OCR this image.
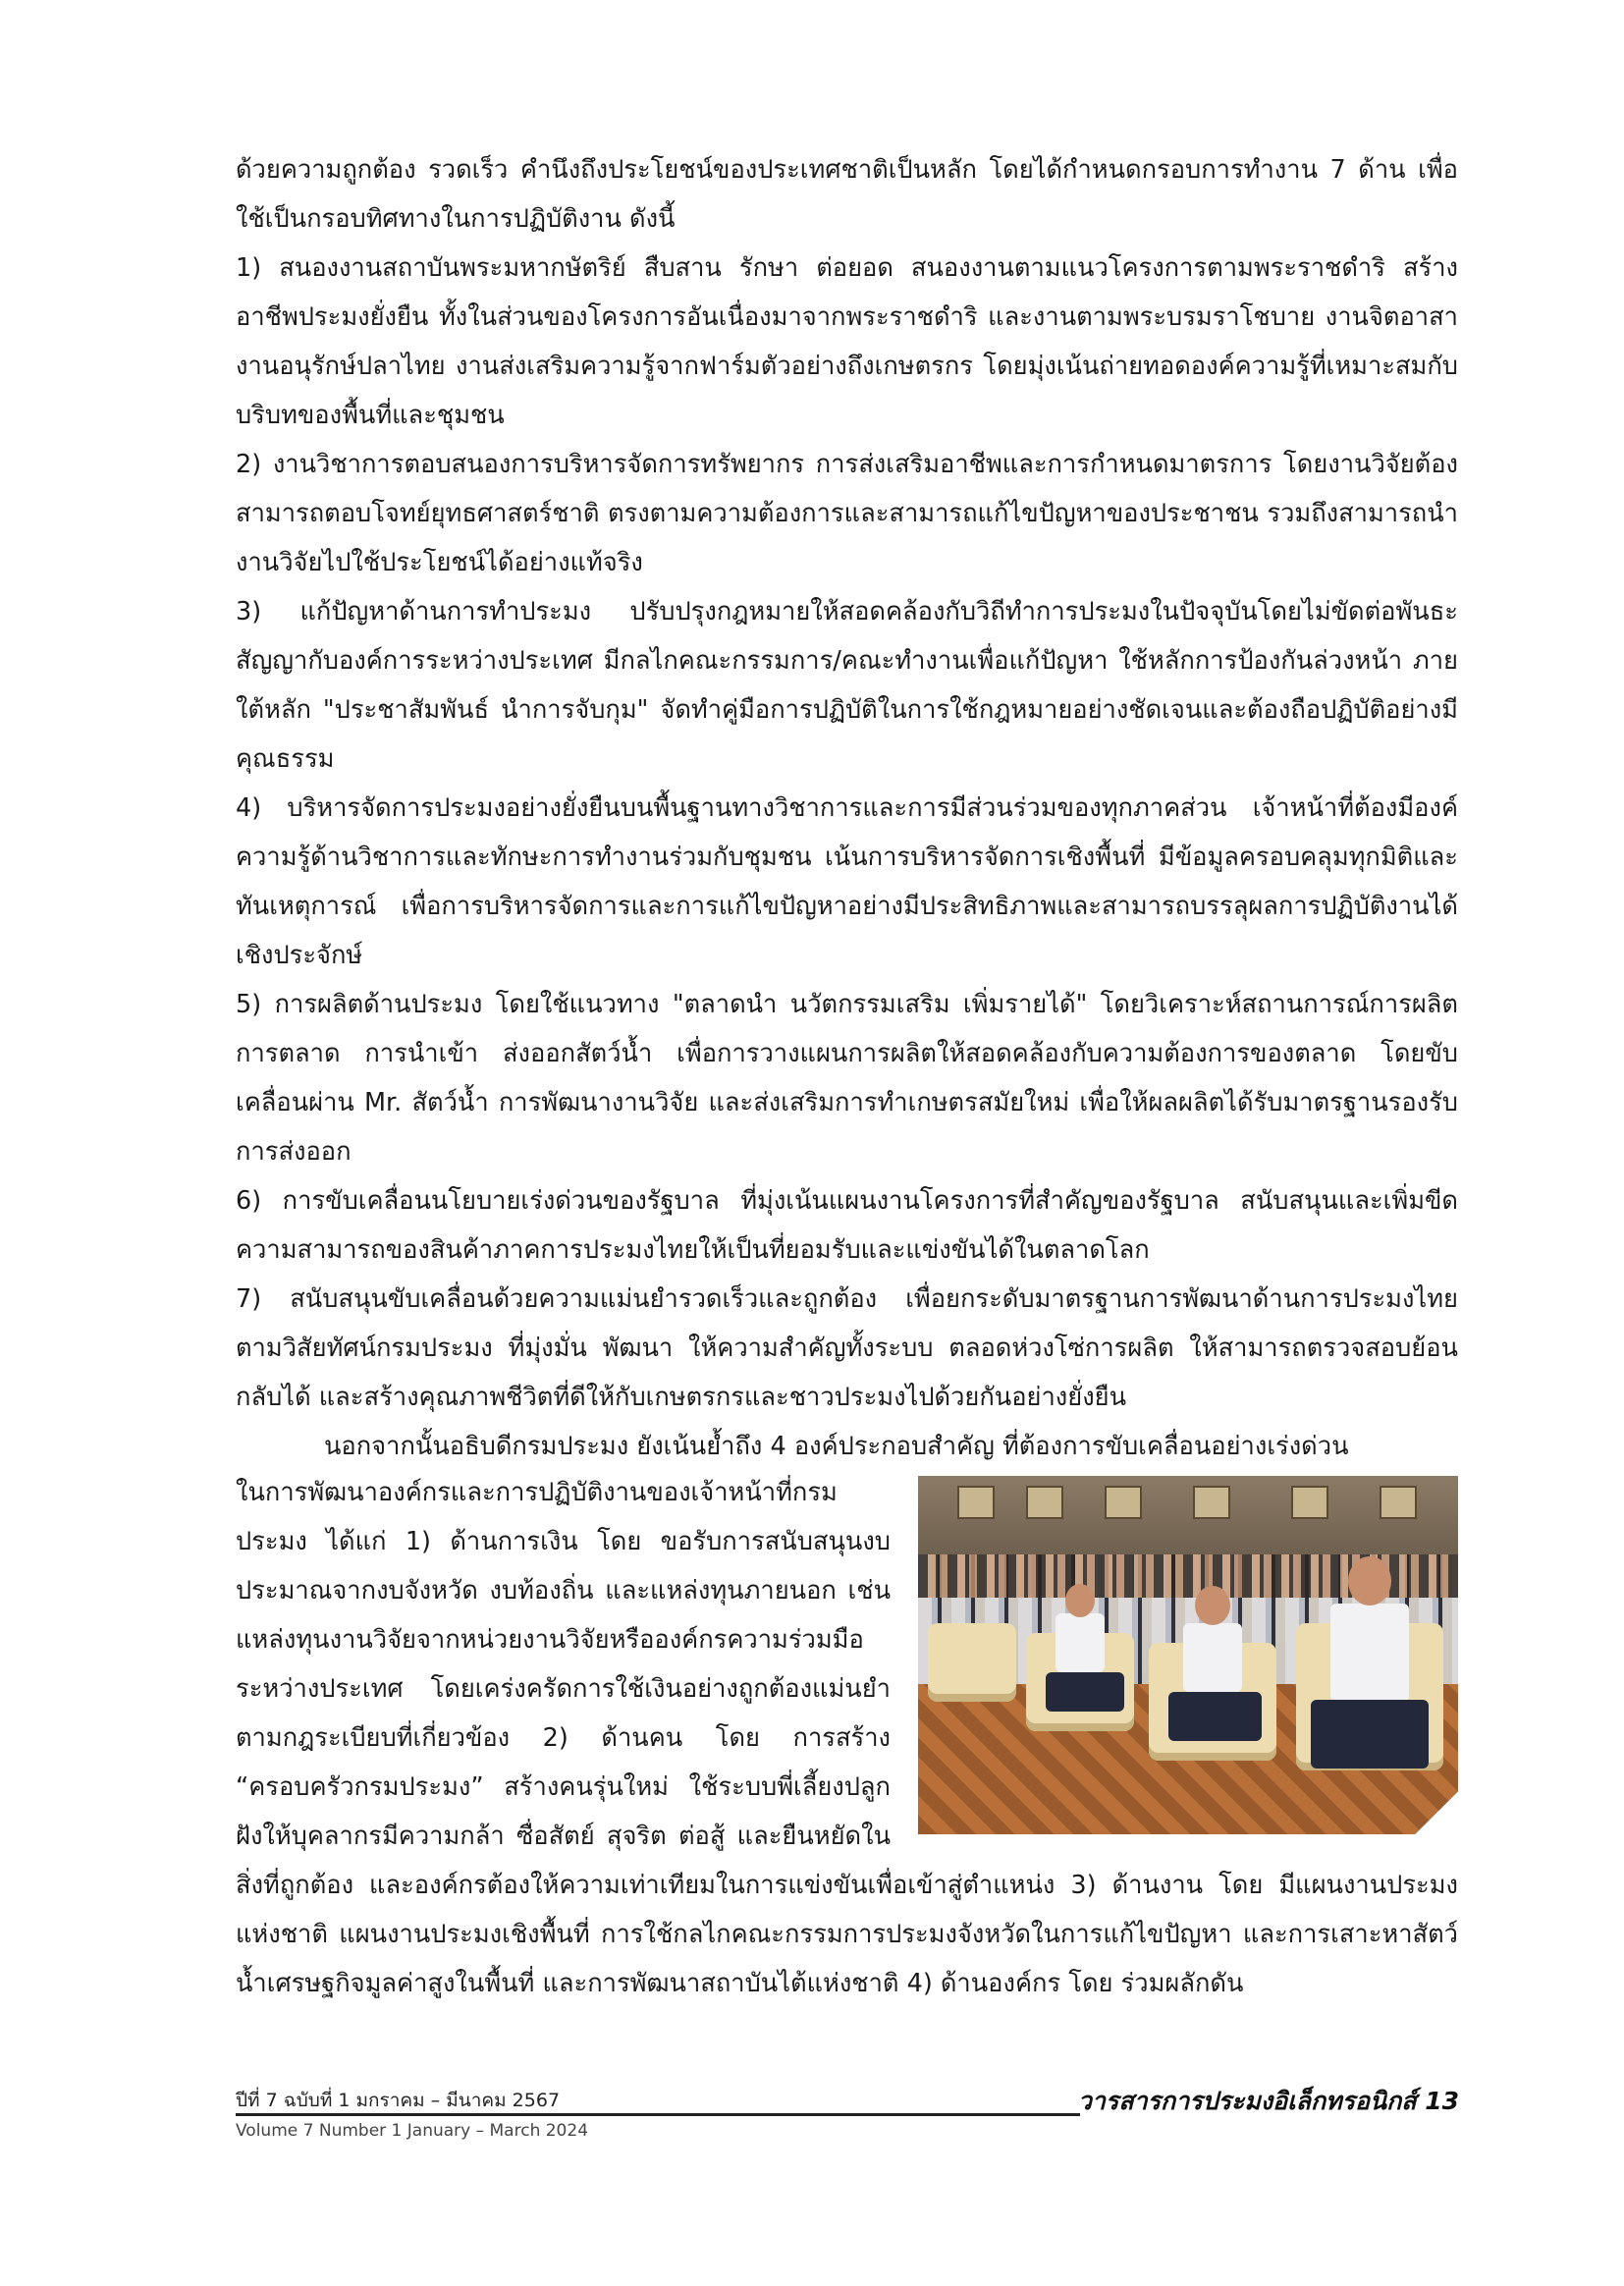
ด้วยความถูกต้อง รวดเร็ว คำนึงถึงประโยชน์ของประเทศชาติเป็นหลัก โดยได้กำหนดกรอบการทำงาน 7 ด้าน เพื่อใช้เป็นกรอบทิศทางในการปฏิบัติงาน ดังนี้

1) สนองงานสถาบันพระมหากษัตริย์ สืบสาน รักษา ต่อยอด สนองงานตามแนวโครงการตามพระราชดำริ สร้างอาชีพประมงยั่งยืน ทั้งในส่วนของโครงการอันเนื่องมาจากพระราชดำริ และงานตามพระบรมราโชบาย งานจิตอาสา งานอนุรักษ์ปลาไทย งานส่งเสริมความรู้จากฟาร์มตัวอย่างถึงเกษตรกร โดยมุ่งเน้นถ่ายทอดองค์ความรู้ที่เหมาะสมกับบริบทของพื้นที่และชุมชน

2) งานวิชาการตอบสนองการบริหารจัดการทรัพยากร การส่งเสริมอาชีพและการกำหนดมาตรการ โดยงานวิจัยต้องสามารถตอบโจทย์ยุทธศาสตร์ชาติ ตรงตามความต้องการและสามารถแก้ไขปัญหาของประชาชน รวมถึงสามารถนำงานวิจัยไปใช้ประโยชน์ได้อย่างแท้จริง

3) แก้ปัญหาด้านการทำประมง ปรับปรุงกฎหมายให้สอดคล้องกับวิถีทำการประมงในปัจจุบันโดยไม่ขัดต่อพันธะสัญญากับองค์การระหว่างประเทศ มีกลไกคณะกรรมการ/คณะทำงานเพื่อแก้ปัญหา ใช้หลักการป้องกันล่วงหน้า ภายใต้หลัก "ประชาสัมพันธ์ นำการจับกุม" จัดทำคู่มือการปฏิบัติในการใช้กฎหมายอย่างชัดเจนและต้องถือปฏิบัติอย่างมีคุณธรรม

4) บริหารจัดการประมงอย่างยั่งยืนบนพื้นฐานทางวิชาการและการมีส่วนร่วมของทุกภาคส่วน เจ้าหน้าที่ต้องมีองค์ความรู้ด้านวิชาการและทักษะการทำงานร่วมกับชุมชน เน้นการบริหารจัดการเชิงพื้นที่ มีข้อมูลครอบคลุมทุกมิติและทันเหตุการณ์ เพื่อการบริหารจัดการและการแก้ไขปัญหาอย่างมีประสิทธิภาพและสามารถบรรลุผลการปฏิบัติงานได้เชิงประจักษ์

5) การผลิตด้านประมง โดยใช้แนวทาง "ตลาดนำ นวัตกรรมเสริม เพิ่มรายได้" โดยวิเคราะห์สถานการณ์การผลิต การตลาด การนำเข้า ส่งออกสัตว์น้ำ เพื่อการวางแผนการผลิตให้สอดคล้องกับความต้องการของตลาด โดยขับเคลื่อนผ่าน Mr. สัตว์น้ำ การพัฒนางานวิจัย และส่งเสริมการทำเกษตรสมัยใหม่ เพื่อให้ผลผลิตได้รับมาตรฐานรองรับการส่งออก

6) การขับเคลื่อนนโยบายเร่งด่วนของรัฐบาล ที่มุ่งเน้นแผนงานโครงการที่สำคัญของรัฐบาล สนับสนุนและเพิ่มขีดความสามารถของสินค้าภาคการประมงไทยให้เป็นที่ยอมรับและแข่งขันได้ในตลาดโลก

7) สนับสนุนขับเคลื่อนด้วยความแม่นยำรวดเร็วและถูกต้อง เพื่อยกระดับมาตรฐานการพัฒนาด้านการประมงไทย ตามวิสัยทัศน์กรมประมง ที่มุ่งมั่น พัฒนา ให้ความสำคัญทั้งระบบ ตลอดห่วงโซ่การผลิต ให้สามารถตรวจสอบย้อนกลับได้ และสร้างคุณภาพชีวิตที่ดีให้กับเกษตรกรและชาวประมงไปด้วยกันอย่างยั่งยืน

นอกจากนั้นอธิบดีกรมประมง ยังเน้นย้ำถึง 4 องค์ประกอบสำคัญ ที่ต้องการขับเคลื่อนอย่างเร่งด่วน

ในการพัฒนาองค์กรและการปฏิบัติงานของเจ้าหน้าที่กรมประมง ได้แก่ 1) ด้านการเงิน โดย ขอรับการสนับสนุนงบประมาณจากงบจังหวัด งบท้องถิ่น และแหล่งทุนภายนอก เช่น แหล่งทุนงานวิจัยจากหน่วยงานวิจัยหรือองค์กรความร่วมมือระหว่างประเทศ โดยเคร่งครัดการใช้เงินอย่างถูกต้องแม่นยำ ตามกฎระเบียบที่เกี่ยวข้อง 2) ด้านคน โดย การสร้าง “ครอบครัวกรมประมง” สร้างคนรุ่นใหม่ ใช้ระบบพี่เลี้ยงปลูกฝังให้บุคลากรมีความกล้า ซื่อสัตย์ สุจริต ต่อสู้ และยืนหยัดในสิ่งที่ถูกต้อง และองค์กรต้องให้ความเท่าเทียมในการแข่งขันเพื่อเข้าสู่ตำแหน่ง 3) ด้านงาน โดย มีแผนงานประมงแห่งชาติ แผนงานประมงเชิงพื้นที่ การใช้กลไกคณะกรรมการประมงจังหวัดในการแก้ไขปัญหา และการเสาะหาสัตว์น้ำเศรษฐกิจมูลค่าสูงในพื้นที่ และการพัฒนาสถาบันไต้แห่งชาติ 4) ด้านองค์กร โดย ร่วมผลักดัน
ปีที่ 7 ฉบับที่ 1 มกราคม – มีนาคม 2567
Volume 7 Number 1 January – March 2024
วารสารการประมงอิเล็กทรอนิกส์ 13
